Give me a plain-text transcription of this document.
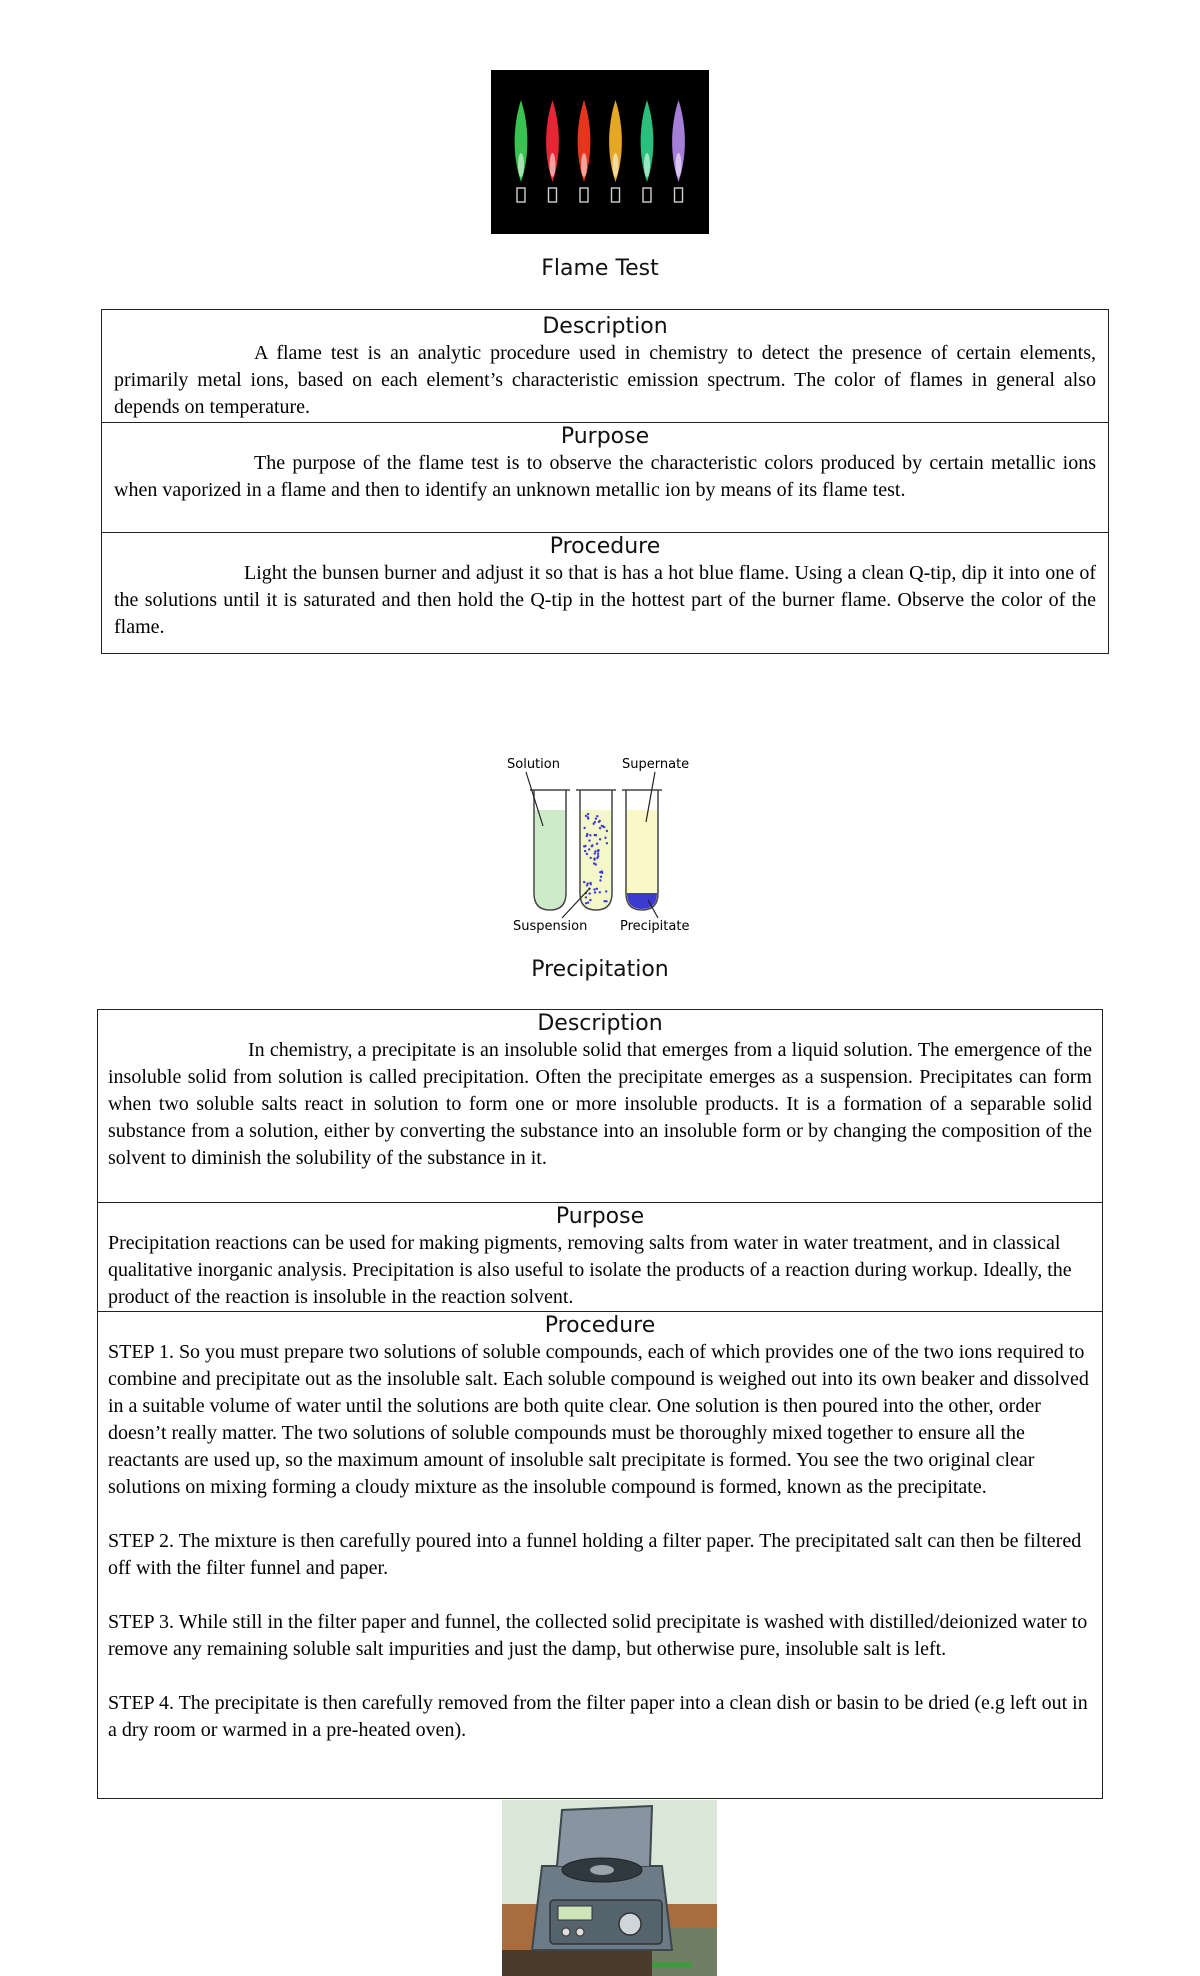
Flame Test
Description
A flame test is an analytic procedure used in chemistry to detect the presence of certain elements, primarily metal ions, based on each element’s characteristic emission spectrum. The color of flames in general also depends on temperature.
Purpose
The purpose of the flame test is to observe the characteristic colors produced by certain metallic ions when vaporized in a flame and then to identify an unknown metallic ion by means of its flame test.
Procedure
Light the bunsen burner and adjust it so that is has a hot blue flame. Using a clean Q-tip, dip it into one of the solutions until it is saturated and then hold the Q-tip in the hottest part of the burner flame. Observe the color of the flame.
Solution	Supernate
Suspension	Precipitate
Precipitation
Description
In chemistry, a precipitate is an insoluble solid that emerges from a liquid solution. The emergence of the insoluble solid from solution is called precipitation. Often the precipitate emerges as a suspension. Precipitates can form when two soluble salts react in solution to form one or more insoluble products. It is a formation of a separable solid substance from a solution, either by converting the substance into an insoluble form or by changing the composition of the solvent to diminish the solubility of the substance in it.
Purpose
Precipitation reactions can be used for making pigments, removing salts from water in water treatment, and in classical qualitative inorganic analysis. Precipitation is also useful to isolate the products of a reaction during workup. Ideally, the product of the reaction is insoluble in the reaction solvent.
Procedure

STEP 1. So you must prepare two solutions of soluble compounds, each of which provides one of the two ions required to combine and precipitate out as the insoluble salt. Each soluble compound is weighed out into its own beaker and dissolved in a suitable volume of water until the solutions are both quite clear. One solution is then poured into the other, order doesn’t really matter. The two solutions of soluble compounds must be thoroughly mixed together to ensure all the reactants are used up, so the maximum amount of insoluble salt precipitate is formed. You see the two original clear solutions on mixing forming a cloudy mixture as the insoluble compound is formed, known as the precipitate.

STEP 2. The mixture is then carefully poured into a funnel holding a filter paper. The precipitated salt can then be filtered off with the filter funnel and paper.

STEP 3. While still in the filter paper and funnel, the collected solid precipitate is washed with distilled/deionized water to remove any remaining soluble salt impurities and just the damp, but otherwise pure, insoluble salt is left.

STEP 4. The precipitate is then carefully removed from the filter paper into a clean dish or basin to be dried (e.g left out in a dry room or warmed in a pre-heated oven).
